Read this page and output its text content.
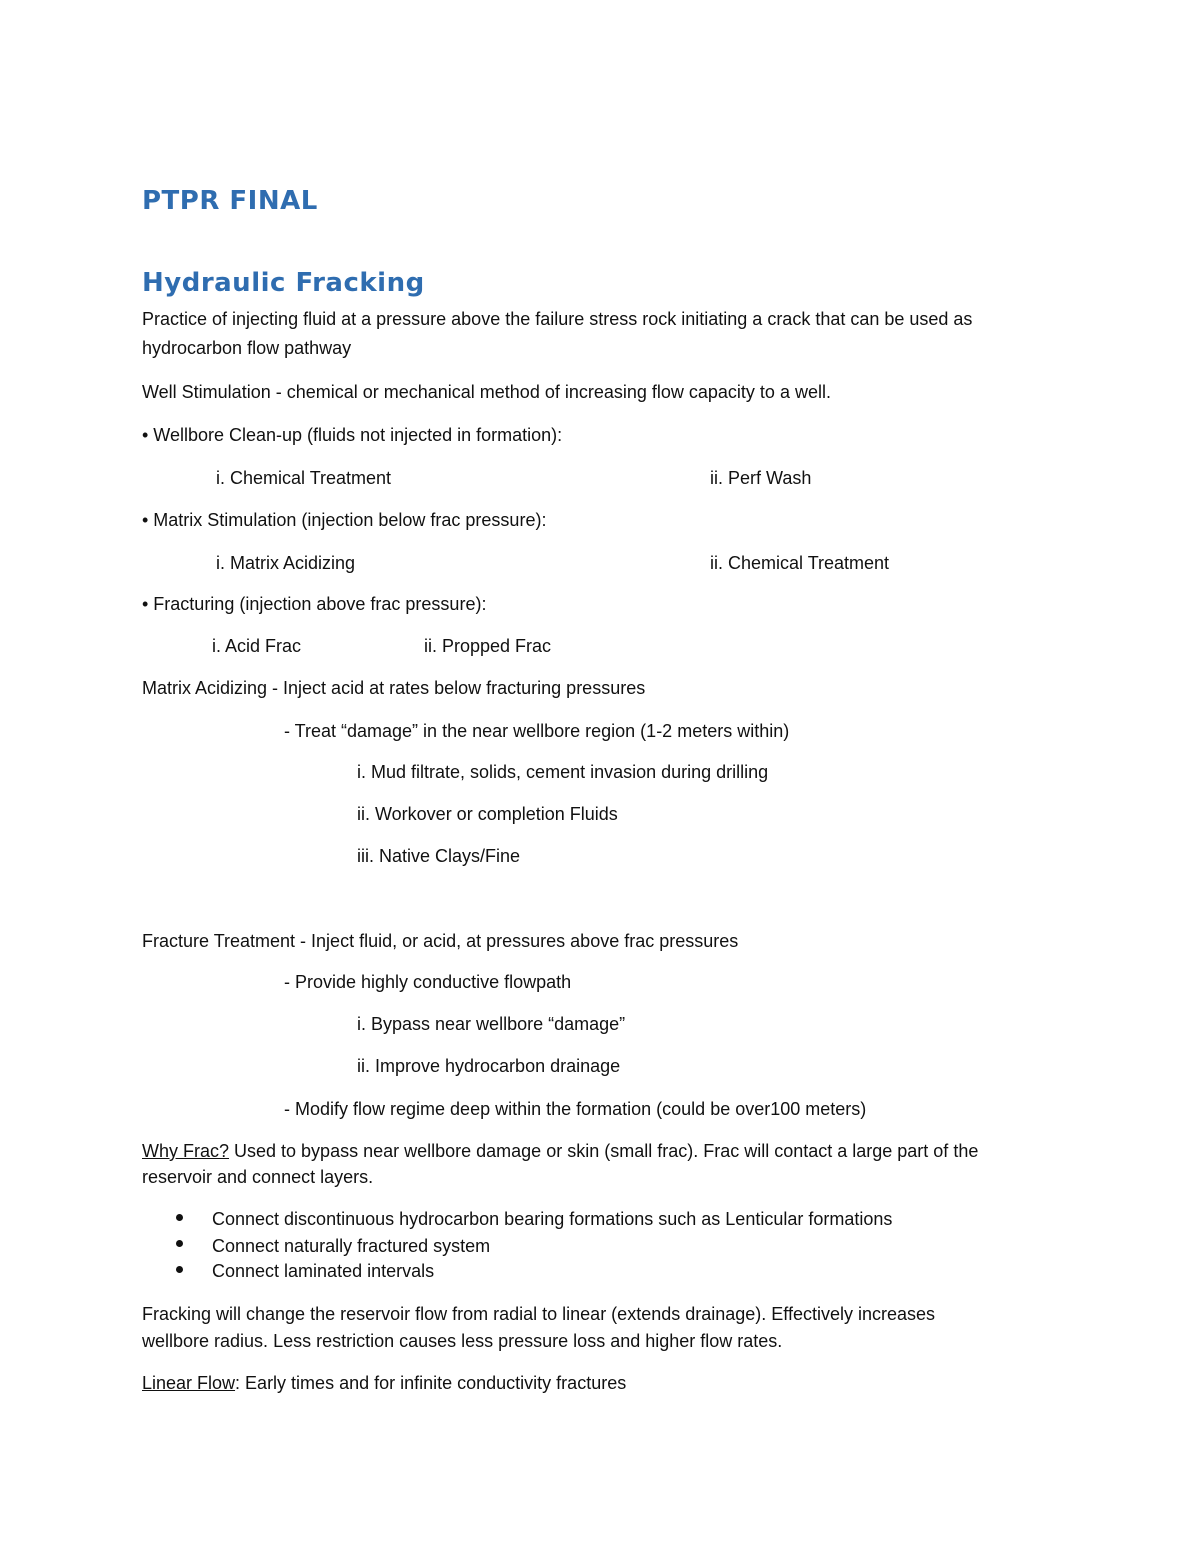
PTPR FINAL
Hydraulic Fracking
Practice of injecting fluid at a pressure above the failure stress rock initiating a crack that can be used as
hydrocarbon flow pathway
Well Stimulation - chemical or mechanical method of increasing flow capacity to a well.
• Wellbore Clean-up (fluids not injected in formation):
i. Chemical Treatment	ii. Perf Wash
• Matrix Stimulation (injection below frac pressure):
i. Matrix Acidizing	ii. Chemical Treatment
• Fracturing (injection above frac pressure):
i. Acid Frac	ii. Propped Frac
Matrix Acidizing - Inject acid at rates below fracturing pressures
- Treat “damage” in the near wellbore region (1-2 meters within)
i. Mud filtrate, solids, cement invasion during drilling
ii. Workover or completion Fluids
iii. Native Clays/Fine
Fracture Treatment - Inject fluid, or acid, at pressures above frac pressures
- Provide highly conductive flowpath
i. Bypass near wellbore “damage”
ii. Improve hydrocarbon drainage
- Modify flow regime deep within the formation (could be over100 meters)
Why Frac? Used to bypass near wellbore damage or skin (small frac). Frac will contact a large part of the
reservoir and connect layers.
Connect discontinuous hydrocarbon bearing formations such as Lenticular formations
Connect naturally fractured system
Connect laminated intervals
Fracking will change the reservoir flow from radial to linear (extends drainage). Effectively increases
wellbore radius. Less restriction causes less pressure loss and higher flow rates.
Linear Flow: Early times and for infinite conductivity fractures
